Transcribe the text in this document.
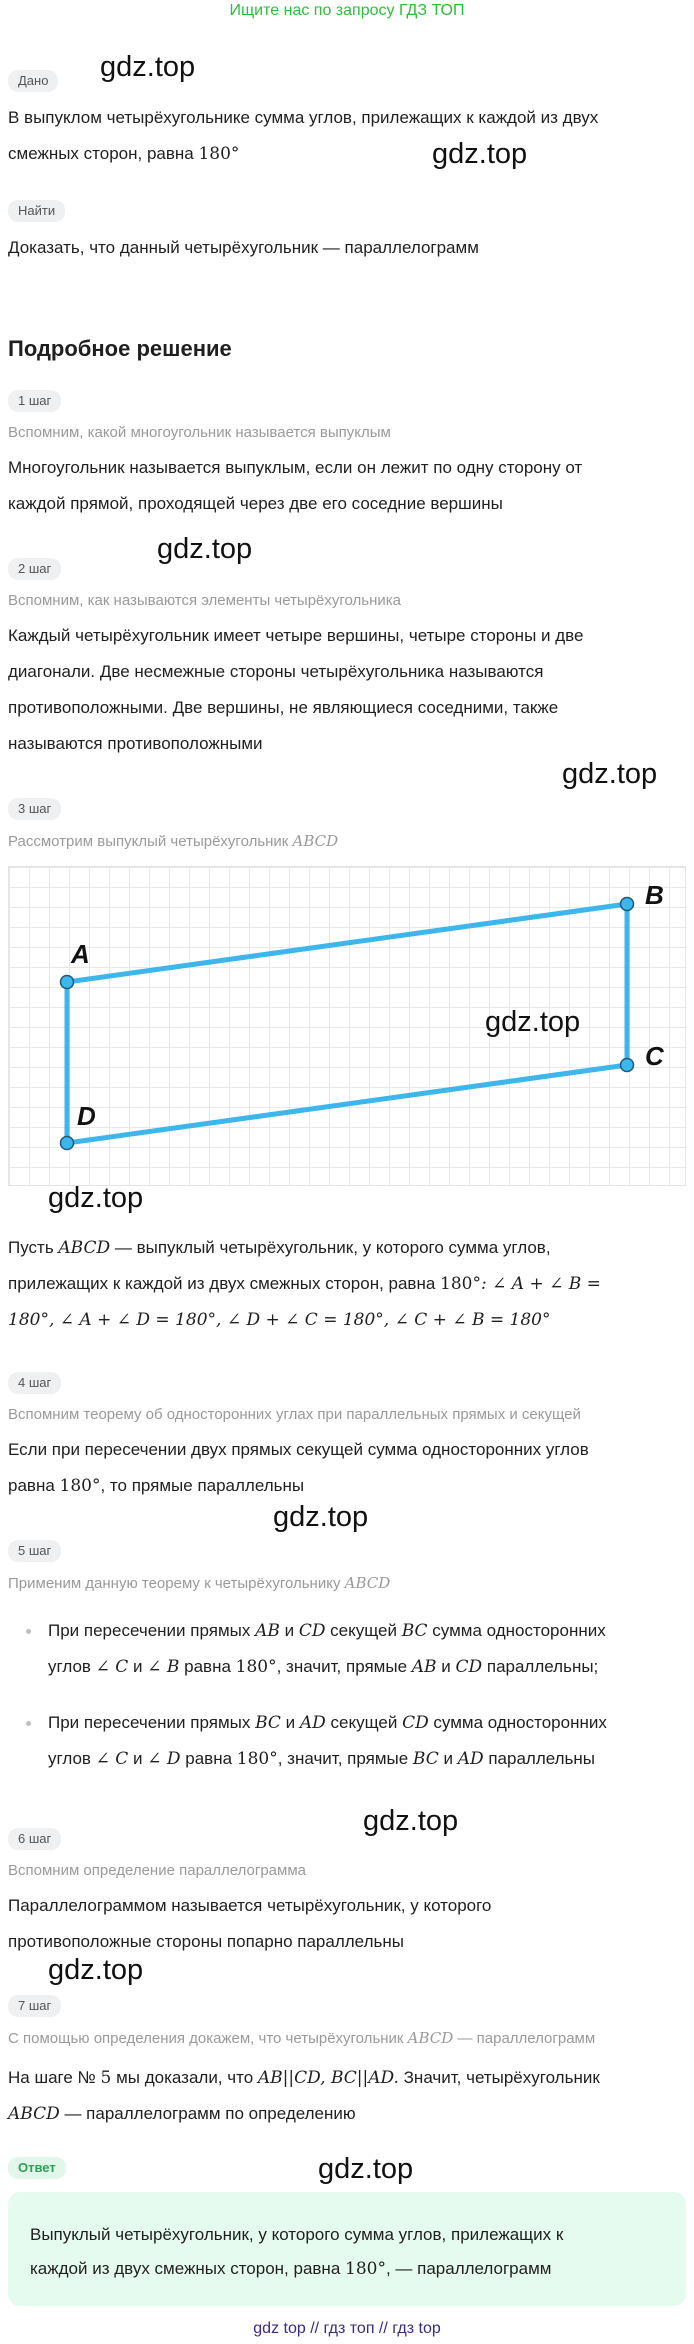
Ищите нас по запросу ГДЗ ТОП
Дано	gdz.top
В выпуклом четырёхугольнике сумма углов, прилежащих к каждой из двух
смежных сторон, равна 180°	gdz.top
Найти
Доказать, что данный четырёхугольник — параллелограмм
Подробное решение
1 шаг
Вспомним, какой многоугольник называется выпуклым
Многоугольник называется выпуклым, если он лежит по одну сторону от
каждой прямой, проходящей через две его соседние вершины
gdz.top
2 шаг
Вспомним, как называются элементы четырёхугольника
Каждый четырёхугольник имеет четыре вершины, четыре стороны и две
диагонали. Две несмежные стороны четырёхугольника называются
противоположными. Две вершины, не являющиеся соседними, также
называются противоположными
gdz.top
3 шаг
Рассмотрим выпуклый четырёхугольник ABCD
A
B
C
D
gdz.top
gdz.top
Пусть ABCD — выпуклый четырёхугольник, у которого сумма углов,
прилежащих к каждой из двух смежных сторон, равна 180°: ∠ A + ∠ B =
180°, ∠ A + ∠ D = 180°, ∠ D + ∠ C = 180°, ∠ C + ∠ B = 180°
4 шаг
Вспомним теорему об односторонних углах при параллельных прямых и секущей
Если при пересечении двух прямых секущей сумма односторонних углов
равна 180°, то прямые параллельны
gdz.top
5 шаг
Применим данную теорему к четырёхугольнику ABCD
При пересечении прямых AB и CD секущей BC сумма односторонних
углов ∠ C и ∠ B равна 180°, значит, прямые AB и CD параллельны;
При пересечении прямых BC и AD секущей CD сумма односторонних
углов ∠ C и ∠ D равна 180°, значит, прямые BC и AD параллельны
gdz.top
6 шаг
Вспомним определение параллелограмма
Параллелограммом называется четырёхугольник, у которого
противоположные стороны попарно параллельны
gdz.top
7 шаг
С помощью определения докажем, что четырёхугольник ABCD — параллелограмм
На шаге № 5 мы доказали, что AB||CD, BC||AD. Значит, четырёхугольник
ABCD — параллелограмм по определению
Ответ	gdz.top
Выпуклый четырёхугольник, у которого сумма углов, прилежащих к
каждой из двух смежных сторон, равна 180°, — параллелограмм
gdz top // гдз топ // гдз top
